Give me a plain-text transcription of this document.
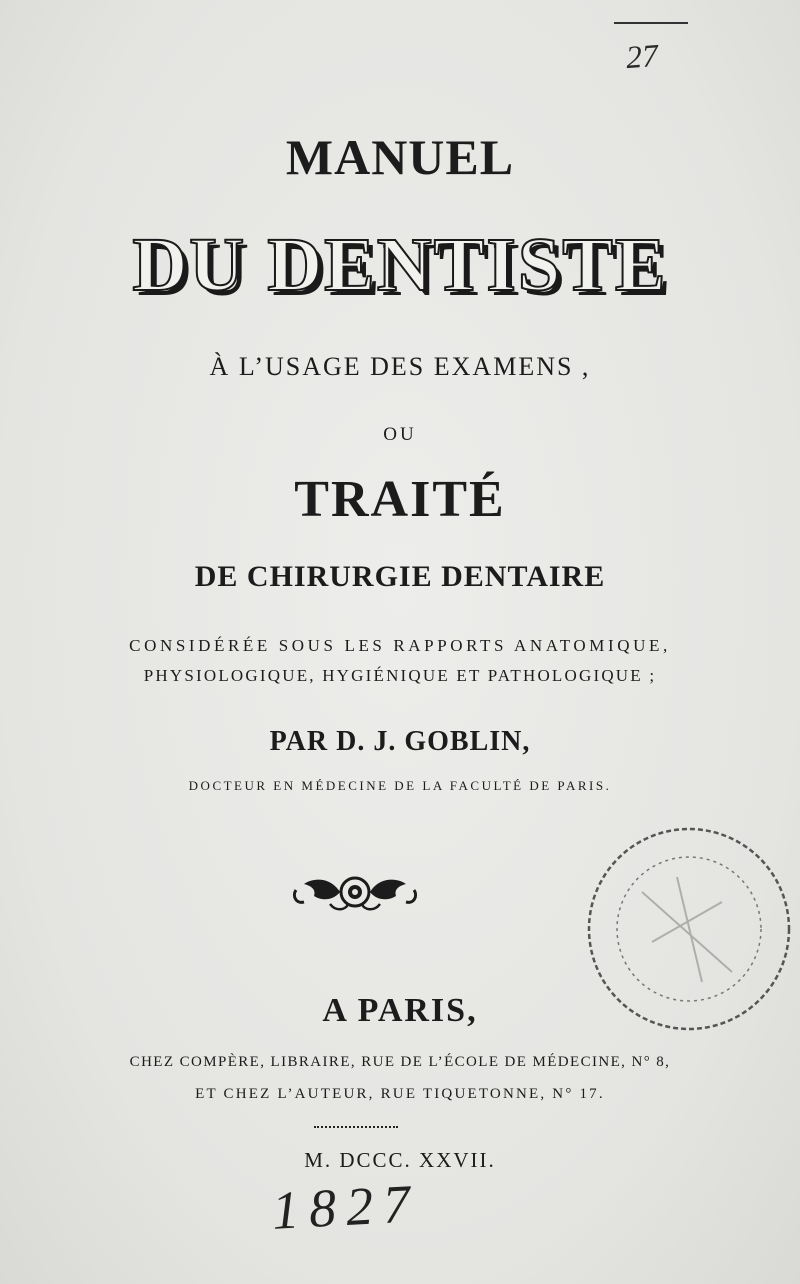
27
MANUEL
DU DENTISTE
À L’USAGE DES EXAMENS ,
OU
TRAITÉ
DE CHIRURGIE DENTAIRE
CONSIDÉRÉE SOUS LES RAPPORTS ANATOMIQUE,
PHYSIOLOGIQUE, HYGIÉNIQUE ET PATHOLOGIQUE ;
PAR D. J. GOBLIN,
DOCTEUR EN MÉDECINE DE LA FACULTÉ DE PARIS.
A PARIS,
CHEZ COMPÈRE, LIBRAIRE, RUE DE L’ÉCOLE DE MÉDECINE, N° 8,
ET CHEZ L’AUTEUR, RUE TIQUETONNE, N° 17.
M. DCCC. XXVII.
1827
